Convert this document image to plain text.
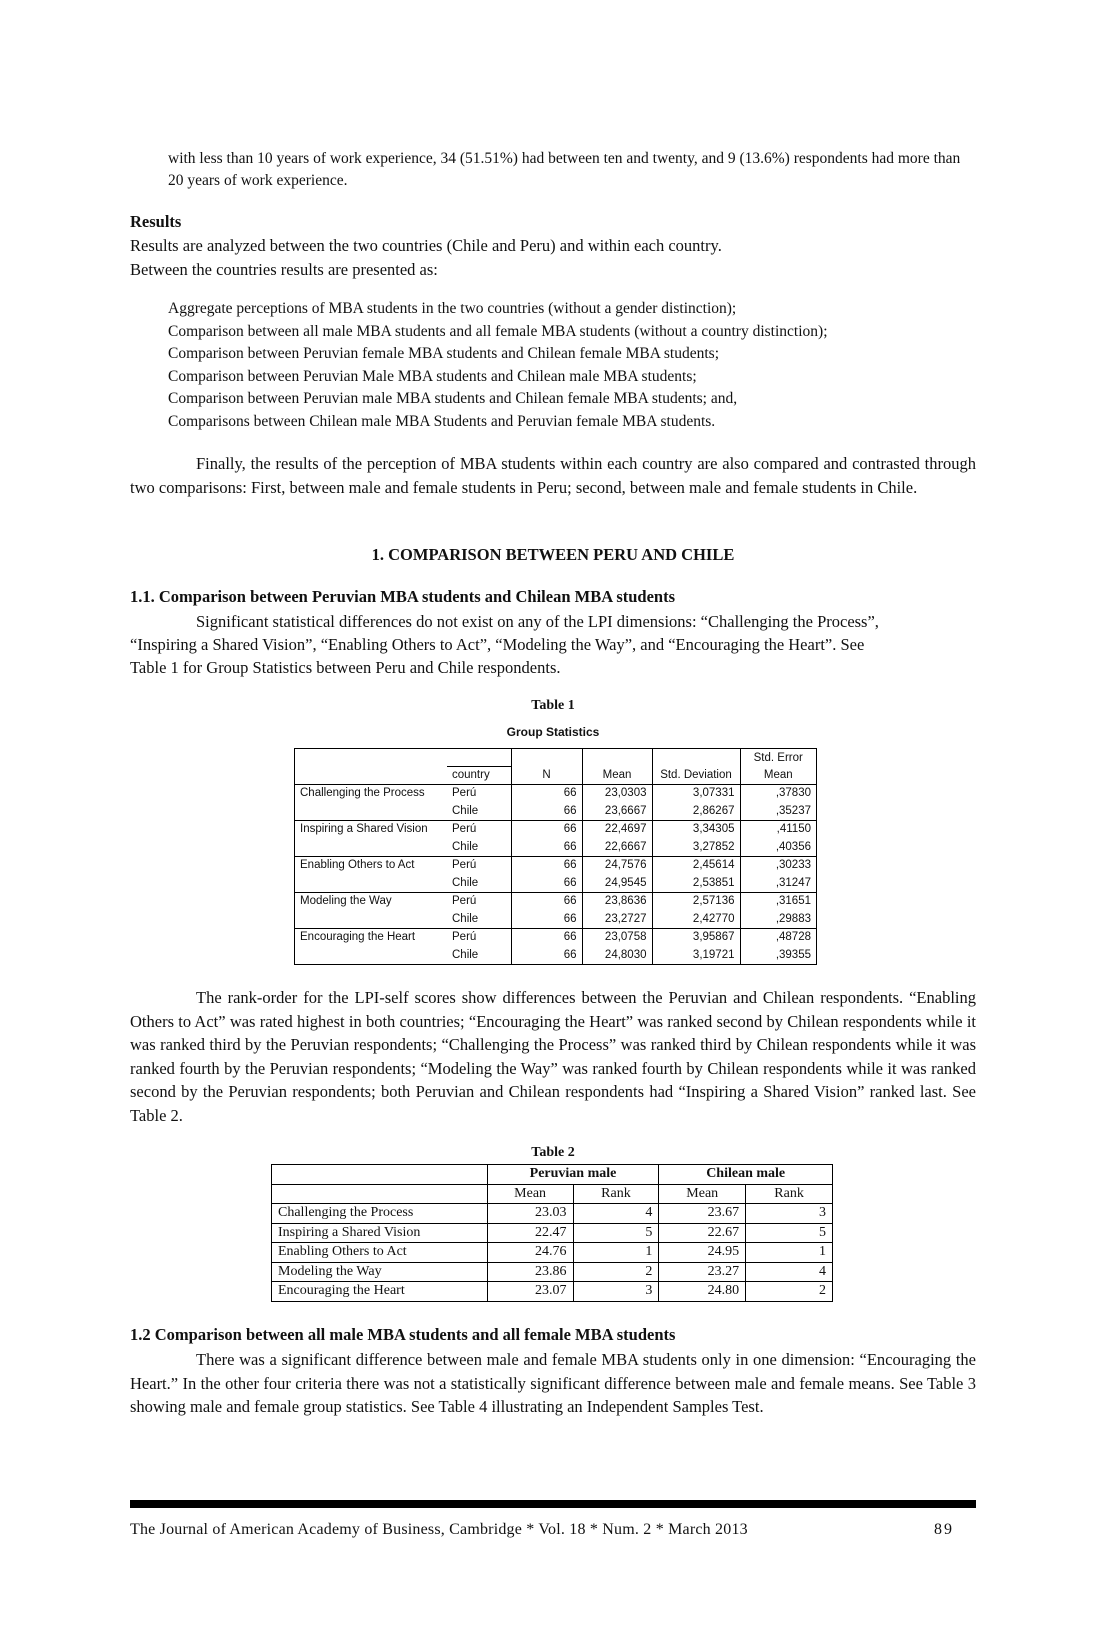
with less than 10 years of work experience, 34 (51.51%) had between ten and twenty, and 9 (13.6%) respondents had more than 20 years of work experience.

Results

Results are analyzed between the two countries (Chile and Peru) and within each country.

Between the countries results are presented as:

Aggregate perceptions of MBA students in the two countries (without a gender distinction);

Comparison between all male MBA students and all female MBA students (without a country distinction);

Comparison between Peruvian female MBA students and Chilean female MBA students;

Comparison between Peruvian Male MBA students and Chilean male MBA students;

Comparison between Peruvian male MBA students and Chilean female MBA students; and,

Comparisons between Chilean male MBA Students and Peruvian female MBA students.

Finally, the results of the perception of MBA students within each country are also compared and contrasted through two comparisons: First, between male and female students in Peru; second, between male and female students in Chile.

1. COMPARISON BETWEEN PERU AND CHILE

1.1. Comparison between Peruvian MBA students and Chilean MBA students

Significant statistical differences do not exist on any of the LPI dimensions: “Challenging the Process”,

“Inspiring a Shared Vision”, “Enabling Others to Act”, “Modeling the Way”, and “Encouraging the Heart”. See

Table 1 for Group Statistics between Peru and Chile respondents.

Table 1

Group Statistics

					Std. Error
	country	N	Mean	Std. Deviation	Mean
Challenging the Process	Perú	66	23,0303	3,07331	,37830
	Chile	66	23,6667	2,86267	,35237
Inspiring a Shared Vision	Perú	66	22,4697	3,34305	,41150
	Chile	66	22,6667	3,27852	,40356
Enabling Others to Act	Perú	66	24,7576	2,45614	,30233
	Chile	66	24,9545	2,53851	,31247
Modeling the Way	Perú	66	23,8636	2,57136	,31651
	Chile	66	23,2727	2,42770	,29883
Encouraging the Heart	Perú	66	23,0758	3,95867	,48728
	Chile	66	24,8030	3,19721	,39355

The rank-order for the LPI-self scores show differences between the Peruvian and Chilean respondents. “Enabling Others to Act” was rated highest in both countries; “Encouraging the Heart” was ranked second by Chilean respondents while it was ranked third by the Peruvian respondents; “Challenging the Process” was ranked third by Chilean respondents while it was ranked fourth by the Peruvian respondents; “Modeling the Way” was ranked fourth by Chilean respondents while it was ranked second by the Peruvian respondents; both Peruvian and Chilean respondents had “Inspiring a Shared Vision” ranked last. See Table 2.

Table 2

	Peruvian male		Chilean male	
	Mean	Rank	Mean	Rank
Challenging the Process	23.03	4	23.67	3
Inspiring a Shared Vision	22.47	5	22.67	5
Enabling Others to Act	24.76	1	24.95	1
Modeling the Way	23.86	2	23.27	4
Encouraging the Heart	23.07	3	24.80	2

1.2 Comparison between all male MBA students and all female MBA students

There was a significant difference between male and female MBA students only in one dimension: “Encouraging the Heart.” In the other four criteria there was not a statistically significant difference between male and female means. See Table 3 showing male and female group statistics. See Table 4 illustrating an Independent Samples Test.

The Journal of American Academy of Business, Cambridge * Vol. 18 * Num. 2 * March 2013	89
